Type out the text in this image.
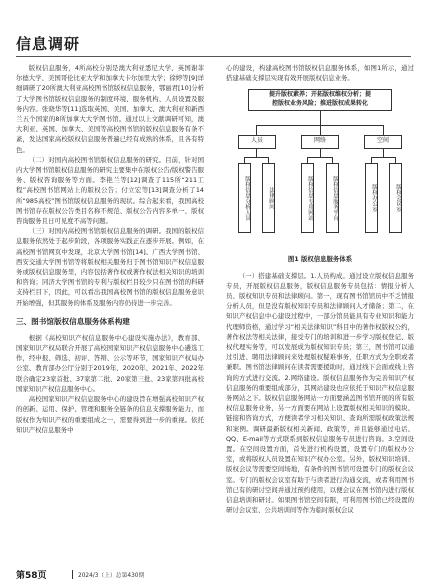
信息调研

版权信息服务，4所高校分别是澳大利亚悉尼大学、英国谢菲尔德大学、美国哥伦比亚大学和加拿大卡尔加里大学；徐婷等[9]详细调研了20所澳大利亚高校图书馆版权信息服务，鄂丽君[10]分析了大学图书馆版权信息服务的制度环境、服务机构、人员设置及服务内容。张晓华等[11]选取英国、美国、加拿大、澳大利亚和新西兰五个国家的8所加拿大大学图书馆。通过以上文献调研可知，澳大利亚、英国、加拿大、美国等高校图书馆的版权信息服务有条不紊，发达国家高校版权信息服务普遍已经有成熟的体系，且各有特色。

（二）对国内高校图书馆版权信息服务的研究。目前，针对国内大学图书馆版权信息服务的研究主要集中在版权公告/版权警告服务、版权咨询服务等方面。李艳兰等[12]调查了115所“211工程”高校图书馆网站上的版权公告；付立宏等[13]调查分析了14所“985高校”图书馆版权信息服务的现状。综合起来看，我国高校图书馆存在版权公告类目名称不规范、版权公告内容多单一、版权咨询服务且日可见度不高等问题。

（三）对国内高校图书馆版权信息服务的调研。我国的版权信息服务依然处于起步阶段，各项服务实践正在逐步开展。例如，在高校图书馆网页中发现，北京大学图书馆[14]、广西大学图书馆、西安交通大学图书馆等将版权相关服务归于图书馆知识产权信息服务或版权信息服务里，内容包括著作权或著作权法相关知识的培训和咨询；同济大学图书馆的专利与版权栏目较少只在图书馆的科研支持栏目下，因此，可以看出我国高校图书馆的版权信息服务意识开始增强，但其服务的体系及服务内容仍待进一步完善。

三、图书馆版权信息服务体系构建

根据《高校知识产权信息服务中心建设实施办法》，教育部、国家知识产权局联合开展了高校国家知识产权信息服务中心遴选工作，经申报、筛选、初评、答辩、公示等环节，国家知识产权局办公室、教育部办公厅分别于2019年、2020年、2021年、2022年联合确定23家首批、37家第二批、20家第三批、23家第四批高校国家知识产权信息服务中心。

高校国家知识产权信息服务中心的建设旨在增强高校知识产权的创新、运用、保护、管理和服务全链条的信息支撑服务能力，而版权作为知识产权的重要组成之一，需要得到进一步的重视。依托知识产权信息服务中

心的建设，构建高校图书馆版权信息服务体系，如图1所示，通过搭建基础支撑层实现有效开展版权信息业务。

提升版权素养；开拓版权维权分析；提
控版权业务风险；推进版权成果转化
人员	网络	空间
版权信息分析人员	法律顾问	版权信息专用网站	版权信息服务平台	版权办公室	版权会议室
图1 版权信息服务体系

（一）搭建基础支撑层。1.人员构成。通过设立版权信息服务专员，开展版权信息服务，版权信息服务专员包括：情报分析人员、版权知识专员和法律顾问。第一，现有图书馆馆员中不乏情报分析人员，但是没有版权知识专员和法律顾问人才储备；第二，在知识产权信息中心建设过程中，一部分馆员能具有专业知识和能力代理师资格，通过学习“相关法律知识”科目中的著作权版权公约，著作权法等相关法律，接受专门的培训和进一步学习版权登记、版权代理实务等，可以发展成为版权知识专员；第三，图书馆可以通过引进、聘用法律顾问来处理版权疑难事务，任职方式为全职或者兼职。图书馆法律顾问在读者需要援助时，通过线下会面或线上咨询的方式进行交流。2.网络建设。版权信息服务作为完善知识产权信息服务的重要组成部分，其网站建设也应依托于知识产权信息服务网站之下。版权信息服务网站一方面要涵盖图书馆开展的所有版权信息服务业务，另一方面要在网站上设置版权相关知识的模块、链接和咨询方式，方便读者学习相关知识、查询所需版权政策法规和案例。调研最新版权相关新闻、政策等，并且能够通过电话、QQ、E-mail等方式联系到版权信息服务专员进行咨询。3.空间设置。在空间设置方面，首先进行机构设置，设置专门的版权办公室，或将版权人员设置在知识产权办公室。另外，版权知识培训、版权会议等需要空间场地，有条件的图书馆可设置专门的版权会议室。专门的版权会议室有助于与读者进行沟通交流，或者利用图书馆已有的研讨空间并通过预约使用，以便会议在图书馆内进行版权信息培训和研讨。如果图书馆空间有限，可利用图书馆已经设置的研讨会议室、公共培训间等作为临时版权会议

第58页	2024/3（上）总第430期
